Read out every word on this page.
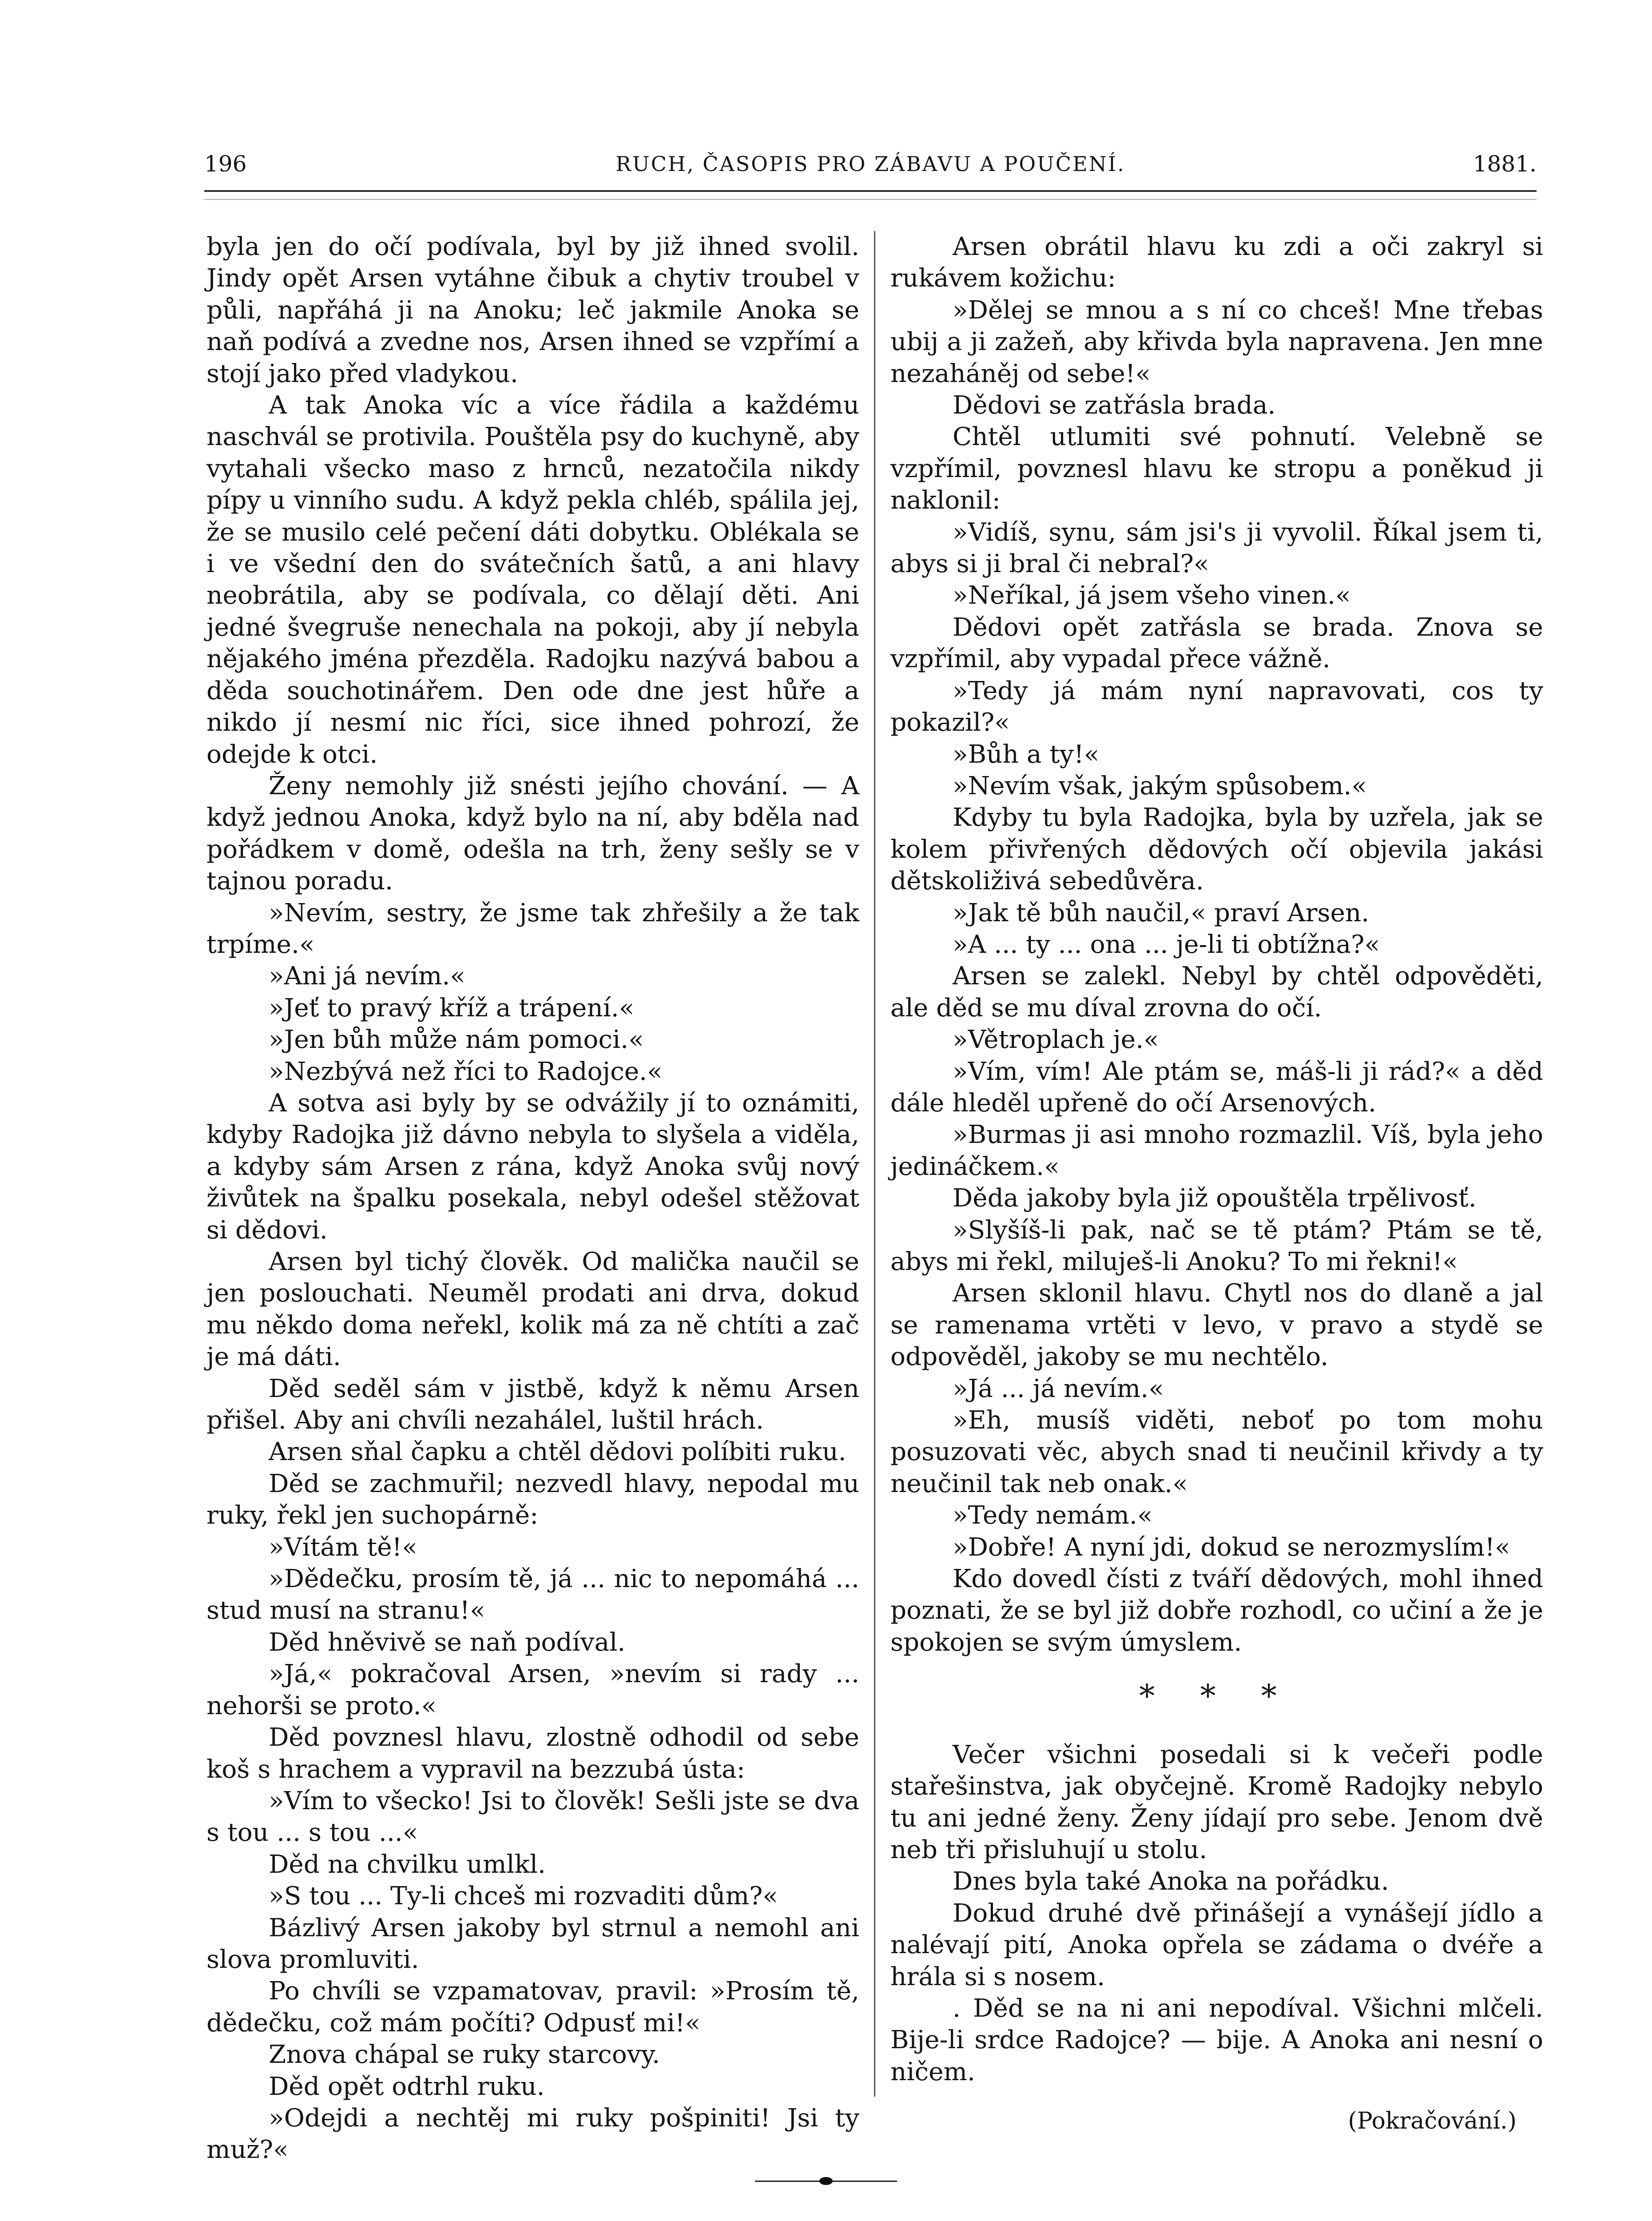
196	RUCH, ČASOPIS PRO ZÁBAVU A POUČENÍ.	1881.

byla jen do očí podívala, byl by již ihned svolil. Jindy opět Arsen vytáhne čibuk a chytiv troubel v půli, napřáhá ji na Anoku; leč jakmile Anoka se naň podívá a zvedne nos, Arsen ihned se vzpřímí a stojí jako před vladykou.

A tak Anoka víc a více řádila a každému naschvál se protivila. Pouštěla psy do kuchyně, aby vytahali všecko maso z hrnců, nezatočila nikdy pípy u vinního sudu. A když pekla chléb, spálila jej, že se musilo celé pečení dáti dobytku. Oblékala se i ve všední den do svátečních šatů, a ani hlavy neobrátila, aby se podívala, co dělají děti. Ani jedné švegruše nenechala na pokoji, aby jí nebyla nějakého jména přezděla. Radojku nazývá babou a děda souchotinářem. Den ode dne jest hůře a nikdo jí nesmí nic říci, sice ihned pohrozí, že odejde k otci.

Ženy nemohly již snésti jejího chování. — A když jednou Anoka, když bylo na ní, aby bděla nad pořádkem v domě, odešla na trh, ženy sešly se v tajnou poradu.

»Nevím, sestry, že jsme tak zhřešily a že tak trpíme.«

»Ani já nevím.«

»Jeť to pravý kříž a trápení.«

»Jen bůh může nám pomoci.«

»Nezbývá než říci to Radojce.«

A sotva asi byly by se odvážily jí to oznámiti, kdyby Radojka již dávno nebyla to slyšela a viděla, a kdyby sám Arsen z rána, když Anoka svůj nový živůtek na špalku posekala, nebyl odešel stěžovat si dědovi.

Arsen byl tichý člověk. Od malička naučil se jen poslouchati. Neuměl prodati ani drva, dokud mu někdo doma neřekl, kolik má za ně chtíti a zač je má dáti.

Děd seděl sám v jistbě, když k němu Arsen přišel. Aby ani chvíli nezahálel, luštil hrách.

Arsen sňal čapku a chtěl dědovi políbiti ruku.

Děd se zachmuřil; nezvedl hlavy, nepodal mu ruky, řekl jen suchopárně:

»Vítám tě!«

»Dědečku, prosím tě, já ... nic to nepomáhá ... stud musí na stranu!«

Děd hněvivě se naň podíval.

»Já,« pokračoval Arsen, »nevím si rady ... nehorši se proto.«

Děd povznesl hlavu, zlostně odhodil od sebe koš s hrachem a vypravil na bezzubá ústa:

»Vím to všecko! Jsi to člověk! Sešli jste se dva s tou ... s tou ...«

Děd na chvilku umlkl.

»S tou ... Ty-li chceš mi rozvaditi dům?«

Bázlivý Arsen jakoby byl strnul a nemohl ani slova promluviti.

Po chvíli se vzpamatovav, pravil: »Prosím tě, dědečku, což mám počíti? Odpusť mi!«

Znova chápal se ruky starcovy.

Děd opět odtrhl ruku.

»Odejdi a nechtěj mi ruky pošpiniti! Jsi ty muž?«

Arsen obrátil hlavu ku zdi a oči zakryl si rukávem kožichu:

»Dělej se mnou a s ní co chceš! Mne třebas ubij a ji zažeň, aby křivda byla napravena. Jen mne nezaháněj od sebe!«

Dědovi se zatřásla brada.

Chtěl utlumiti své pohnutí. Velebně se vzpřímil, povznesl hlavu ke stropu a poněkud ji naklonil:

»Vidíš, synu, sám jsi's ji vyvolil. Říkal jsem ti, abys si ji bral či nebral?«

»Neříkal, já jsem všeho vinen.«

Dědovi opět zatřásla se brada. Znova se vzpřímil, aby vypadal přece vážně.

»Tedy já mám nyní napravovati, cos ty pokazil?«

»Bůh a ty!«

»Nevím však, jakým spůsobem.«

Kdyby tu byla Radojka, byla by uzřela, jak se kolem přivřených dědových očí objevila jakási dětskoliživá sebedůvěra.

»Jak tě bůh naučil,« praví Arsen.

»A ... ty ... ona ... je-li ti obtížna?«

Arsen se zalekl. Nebyl by chtěl odpověděti, ale děd se mu díval zrovna do očí.

»Větroplach je.«

»Vím, vím! Ale ptám se, máš-li ji rád?« a děd dále hleděl upřeně do očí Arsenových.

»Burmas ji asi mnoho rozmazlil. Víš, byla jeho jedináčkem.«

Děda jakoby byla již opouštěla trpělivosť.

»Slyšíš-li pak, nač se tě ptám? Ptám se tě, abys mi řekl, miluješ-li Anoku? To mi řekni!«

Arsen sklonil hlavu. Chytl nos do dlaně a jal se ramenama vrtěti v levo, v pravo a stydě se odpověděl, jakoby se mu nechtělo.

»Já ... já nevím.«

»Eh, musíš viděti, neboť po tom mohu posuzovati věc, abych snad ti neučinil křivdy a ty neučinil tak neb onak.«

»Tedy nemám.«

»Dobře! A nyní jdi, dokud se nerozmyslím!«

Kdo dovedl čísti z tváří dědových, mohl ihned poznati, že se byl již dobře rozhodl, co učiní a že je spokojen se svým úmyslem.

* * *

Večer všichni posedali si k večeři podle stařešinstva, jak obyčejně. Kromě Radojky nebylo tu ani jedné ženy. Ženy jídají pro sebe. Jenom dvě neb tři přisluhují u stolu.

Dnes byla také Anoka na pořádku.

Dokud druhé dvě přinášejí a vynášejí jídlo a nalévají pití, Anoka opřela se zádama o dvéře a hrála si s nosem.

. Děd se na ni ani nepodíval. Všichni mlčeli. Bije-li srdce Radojce? — bije. A Anoka ani nesní o ničem.

(Pokračování.)
